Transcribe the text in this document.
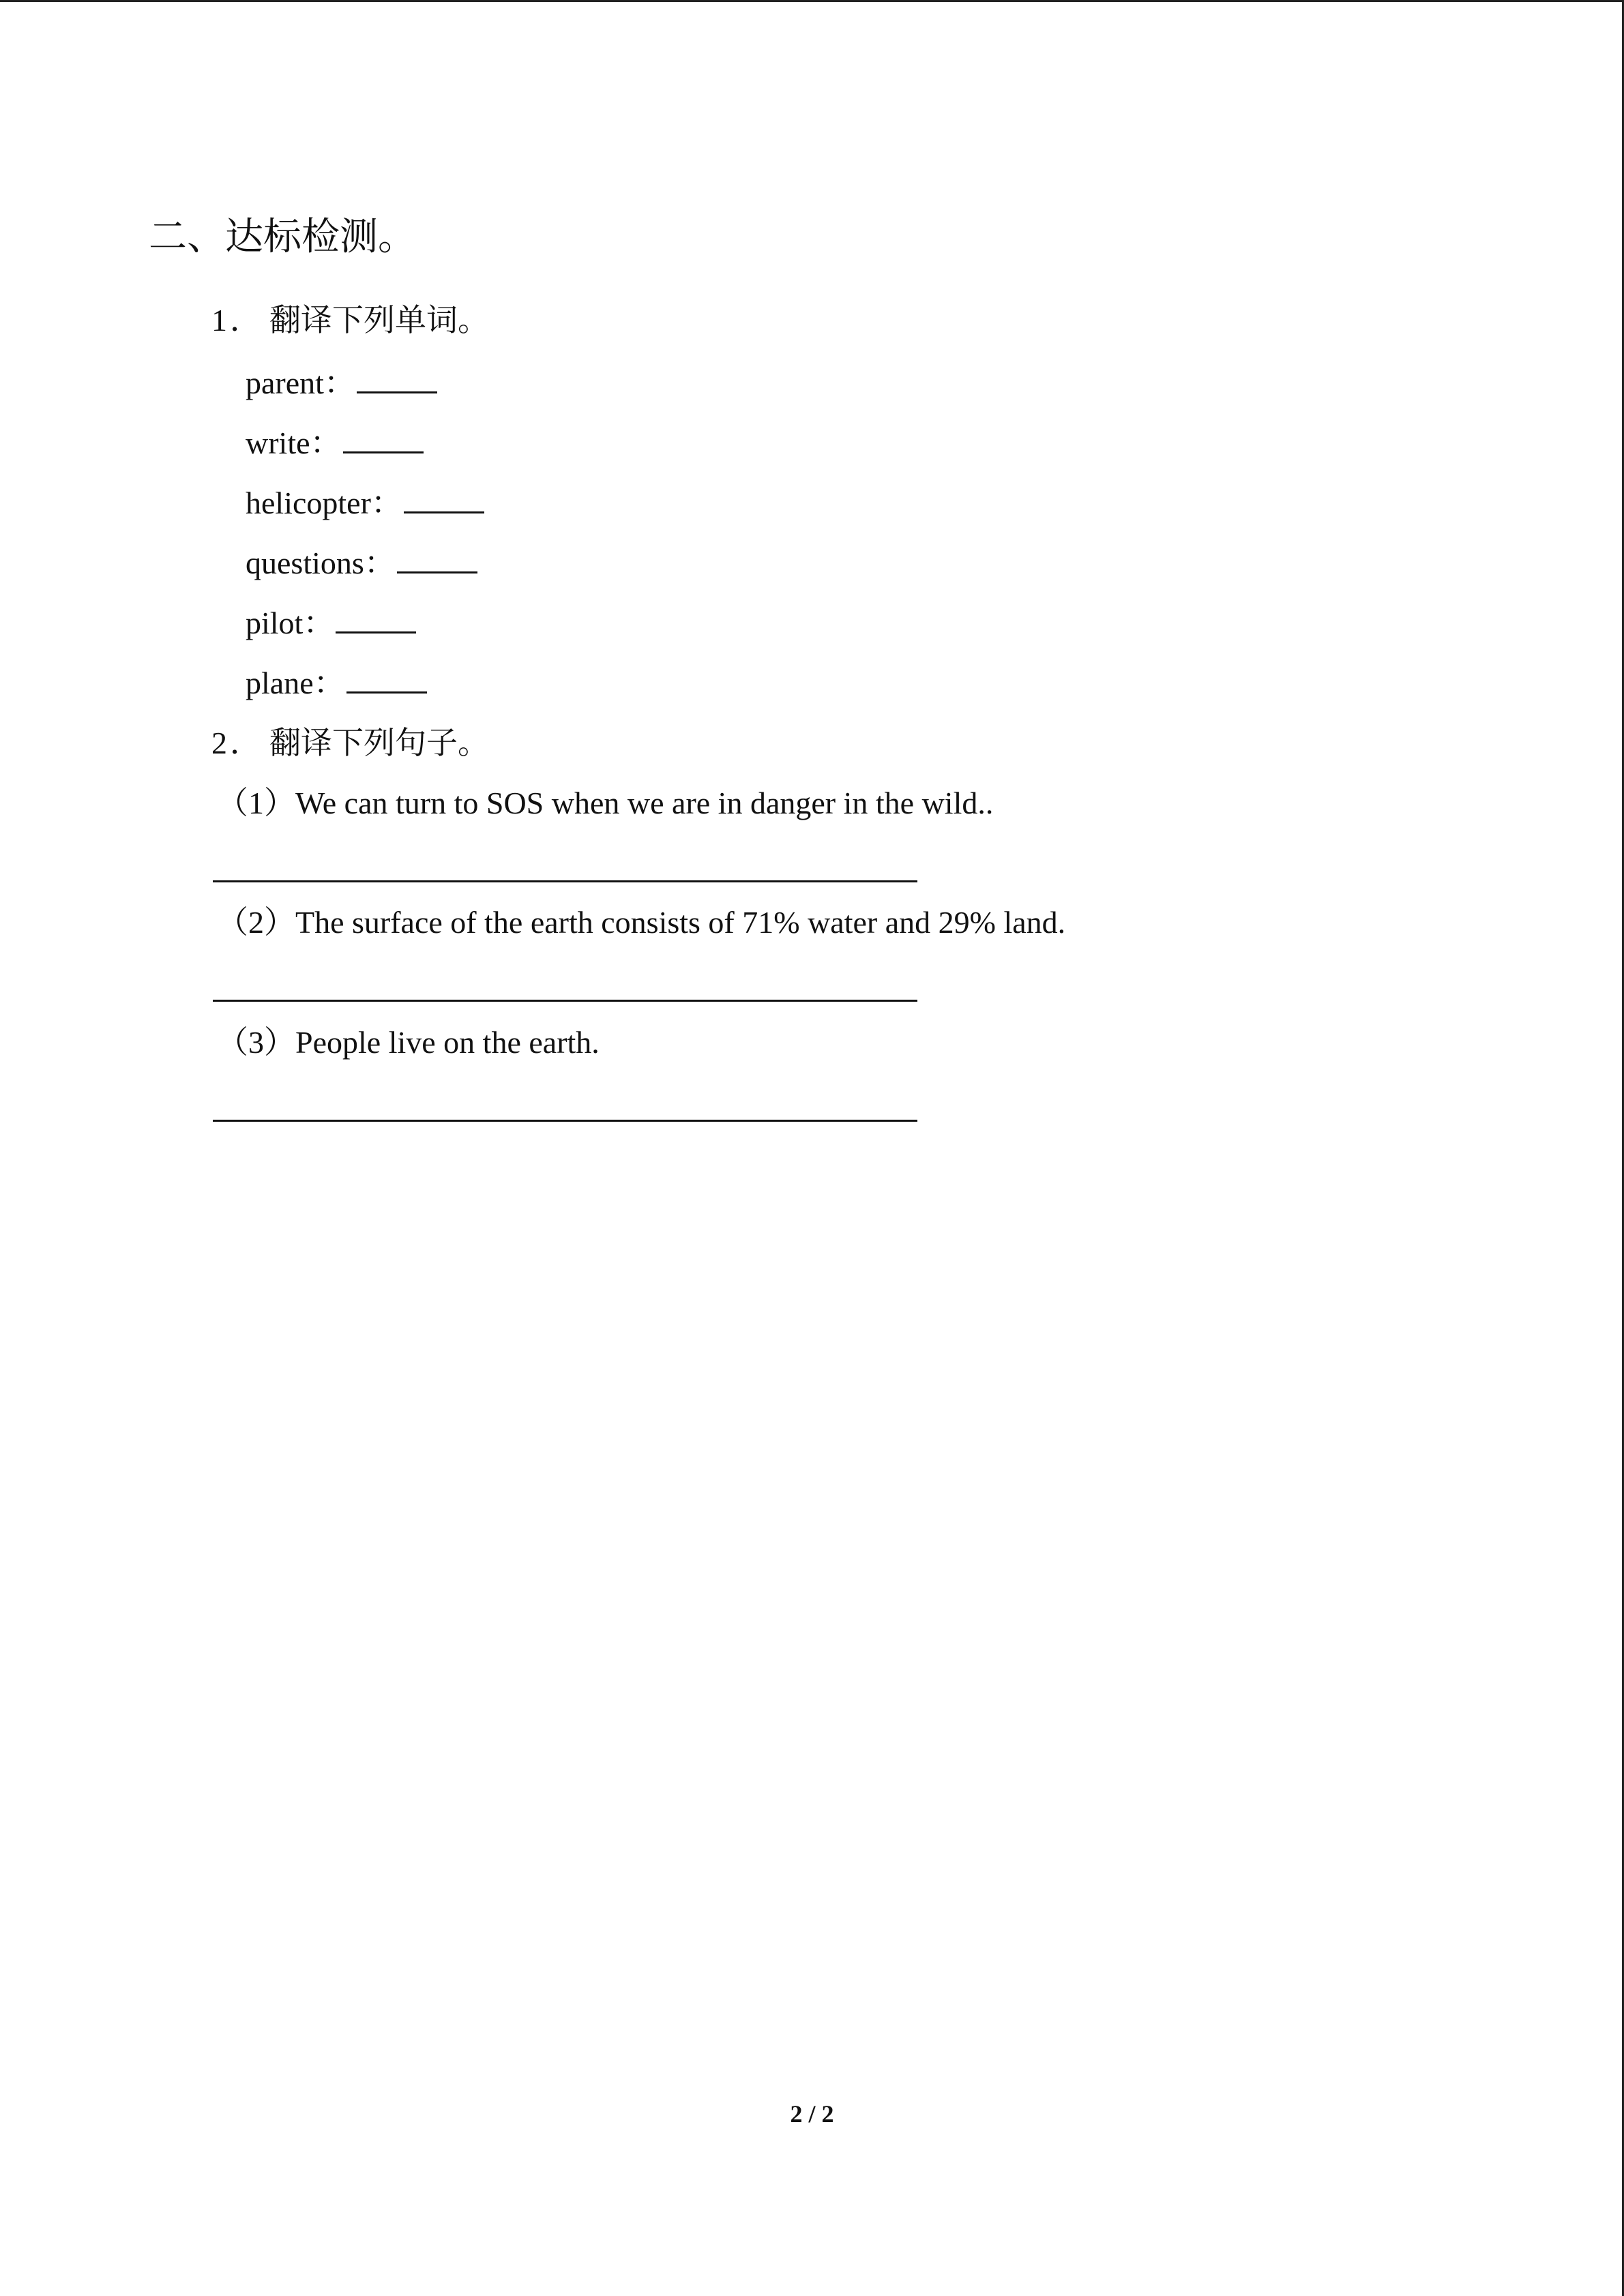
二、达标检测。
1． 翻译下列单词。
parent：
write：
helicopter：
questions：
pilot：
plane：
2． 翻译下列句子。
（1）We can turn to SOS when we are in danger in the wild..
（2）The surface of the earth consists of 71% water and 29% land.
（3）People live on the earth.
2 / 2
